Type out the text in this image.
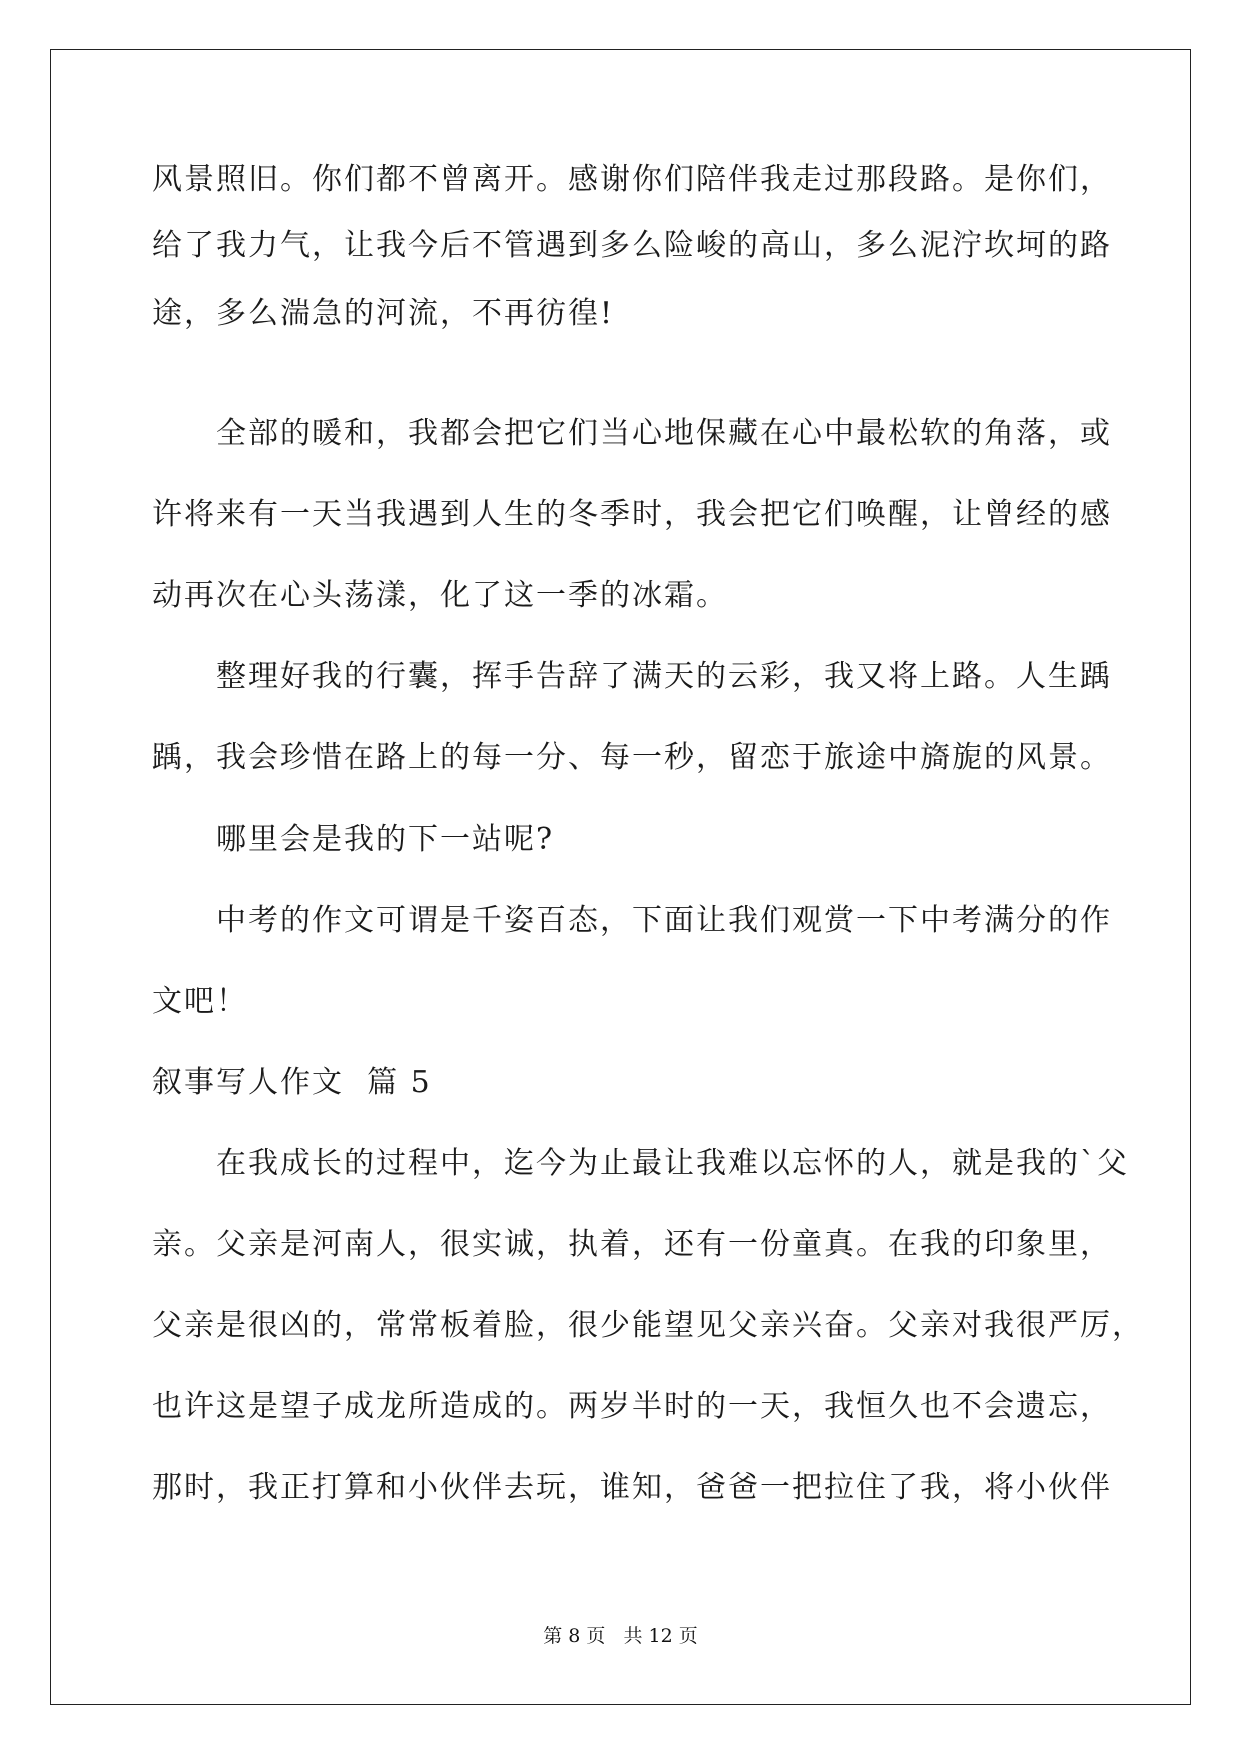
风景照旧。你们都不曾离开。感谢你们陪伴我走过那段路。是你们，
给了我力气，让我今后不管遇到多么险峻的高山，多么泥泞坎坷的路
途，多么湍急的河流，不再彷徨!
全部的暖和，我都会把它们当心地保藏在心中最松软的角落，或
许将来有一天当我遇到人生的冬季时，我会把它们唤醒，让曾经的感
动再次在心头荡漾，化了这一季的冰霜。
整理好我的行囊，挥手告辞了满天的云彩，我又将上路。人生踽
踽，我会珍惜在路上的每一分、每一秒，留恋于旅途中旖旎的风景。
哪里会是我的下一站呢?
中考的作文可谓是千姿百态，下面让我们观赏一下中考满分的作
文吧！
叙事写人作文  篇 5
在我成长的过程中，迄今为止最让我难以忘怀的人，就是我的`父
亲。父亲是河南人，很实诚，执着，还有一份童真。在我的印象里，
父亲是很凶的，常常板着脸，很少能望见父亲兴奋。父亲对我很严厉，
也许这是望子成龙所造成的。两岁半时的一天，我恒久也不会遗忘，
那时，我正打算和小伙伴去玩，谁知，爸爸一把拉住了我，将小伙伴
第 8 页 共 12 页
